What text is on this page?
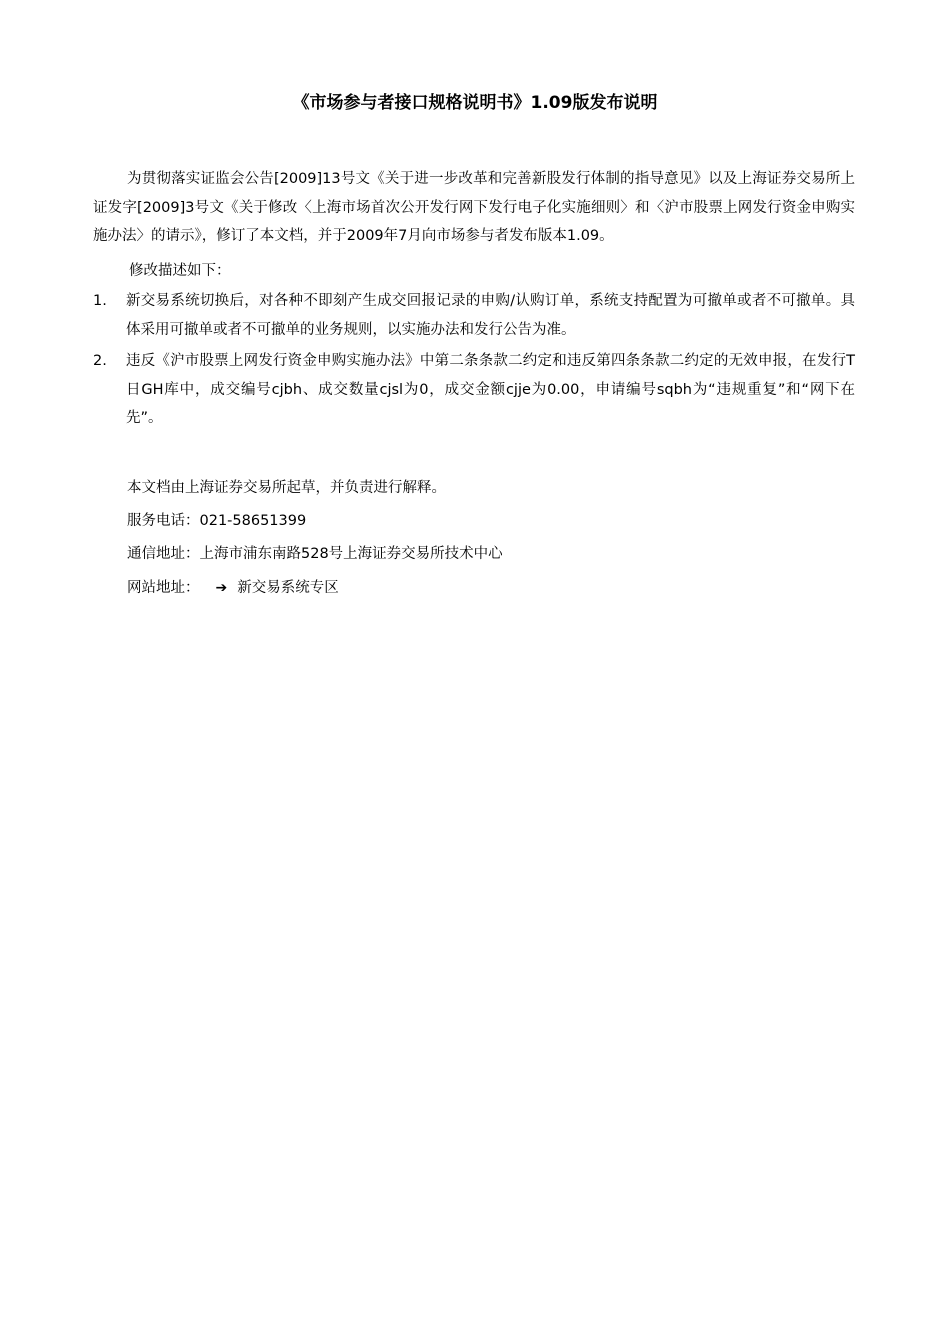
《市场参与者接口规格说明书》1.09版发布说明

为贯彻落实证监会公告[2009]13号文《关于进一步改革和完善新股发行体制的指导意见》以及上海证券交易所上证发字[2009]3号文《关于修改〈上海市场首次公开发行网下发行电子化实施细则〉和〈沪市股票上网发行资金申购实施办法〉的请示》，修订了本文档，并于2009年7月向市场参与者发布版本1.09。

修改描述如下：

1.	新交易系统切换后，对各种不即刻产生成交回报记录的申购/认购订单，系统支持配置为可撤单或者不可撤单。具体采用可撤单或者不可撤单的业务规则，以实施办法和发行公告为准。
2.	违反《沪市股票上网发行资金申购实施办法》中第二条条款二约定和违反第四条条款二约定的无效申报，在发行T日GH库中，成交编号cjbh、成交数量cjsl为0，成交金额cjje为0.00，申请编号sqbh为“违规重复”和“网下在先”。

本文档由上海证券交易所起草，并负责进行解释。

服务电话：021-58651399

通信地址：上海市浦东南路528号上海证券交易所技术中心

网站地址： ➔ 新交易系统专区
